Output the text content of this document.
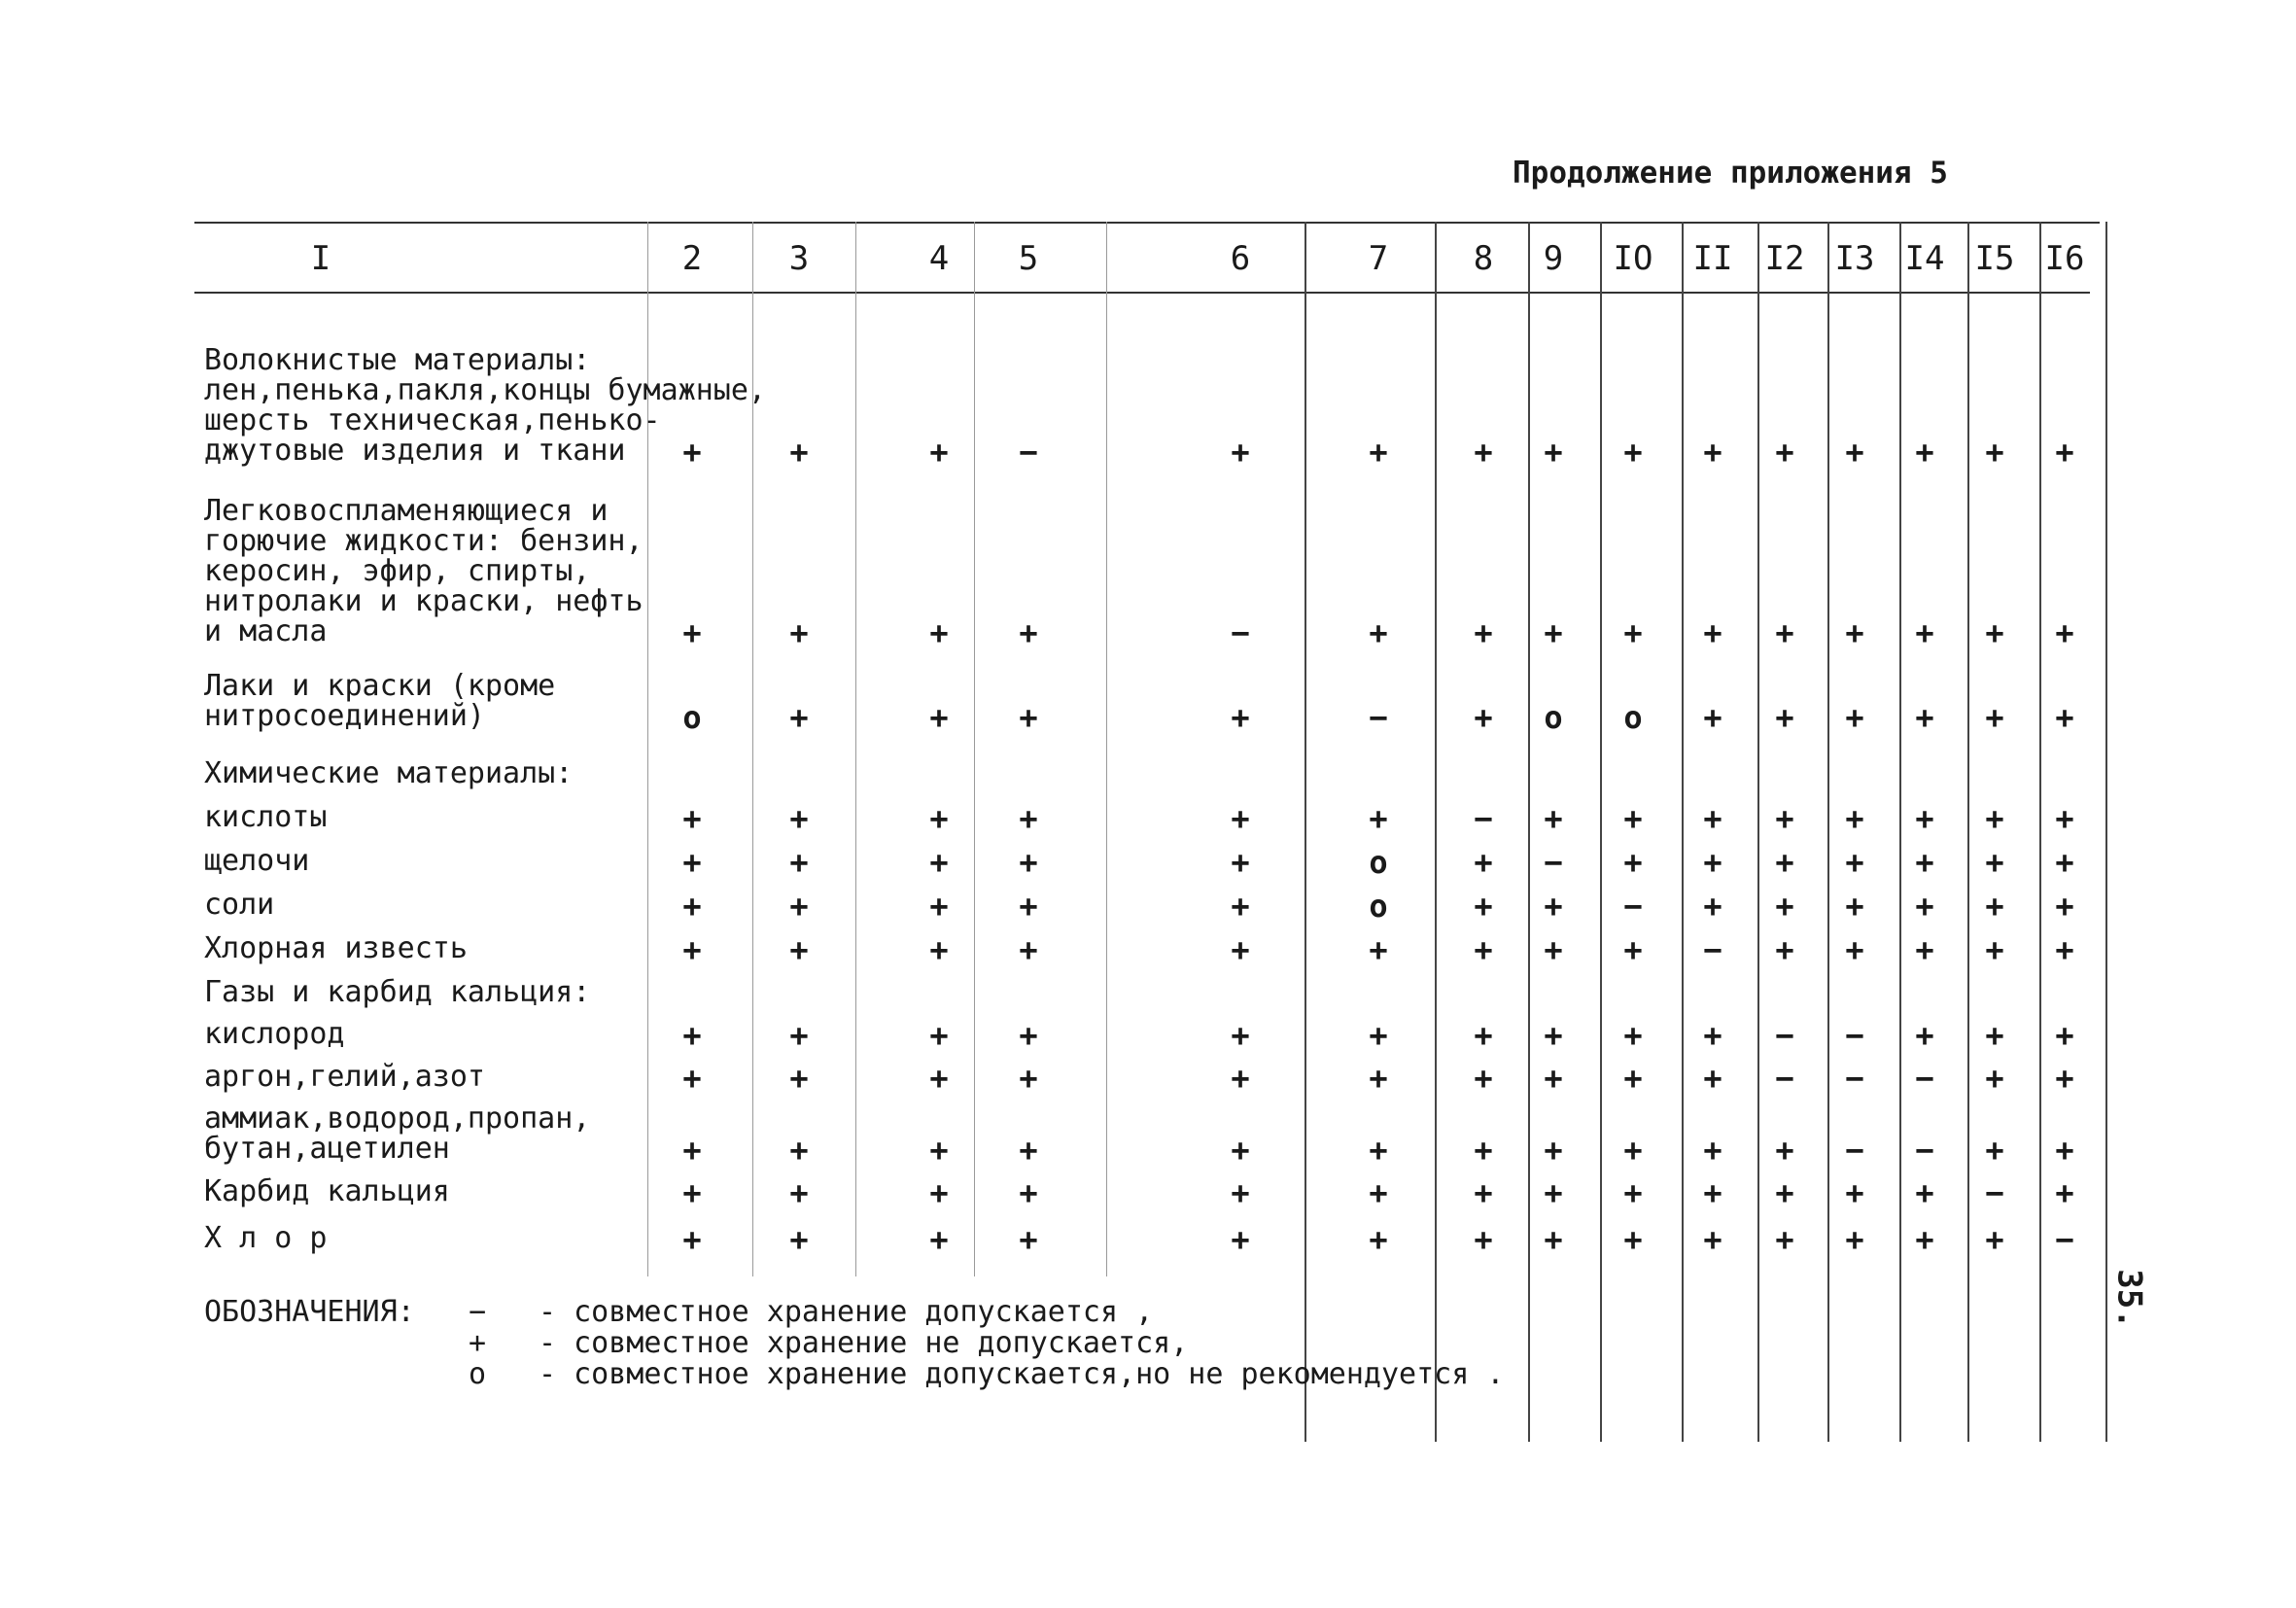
Продолжение приложения 5
I	2	3	4	5	6	7	8	9	IO II I2 I3 I4 I5 I6
Волокнистые материалы:
лен,пенька,пакля,концы бумажные,
шерсть техническая,пенько-
джутовые изделия и ткани	+	+	+	−	+	+	+	+	+	+	+	+	+	+	+
Легковоспламеняющиеся и
горючие жидкости: бензин,
керосин, эфир, спирты,
нитролаки и краски, нефть
и масла	+	+	+	+	−	+	+	+	+	+	+	+	+	+	+
Лаки и краски (кроме
нитросоединений)	о	+	+	+	+	−	+	о	о	+	+	+	+	+	+
Химические материалы:
кислоты	+	+	+	+	+	+	−	+	+	+	+	+	+	+	+
щелочи	+	+	+	+	+	о	+	−	+	+	+	+	+	+	+
соли	+	+	+	+	+	о	+	+	−	+	+	+	+	+	+
Хлорная известь	+	+	+	+	+	+	+	+	+	−	+	+	+	+	+
Газы и карбид кальция:
кислород	+	+	+	+	+	+	+	+	+	+	−	−	+	+	+
аргон,гелий,азот	+	+	+	+	+	+	+	+	+	+	−	−	−	+	+
аммиак,водород,пропан,
бутан,ацетилен	+	+	+	+	+	+	+	+	+	+	+	−	−	+	+
Карбид кальция	+	+	+	+	+	+	+	+	+	+	+	+	+	−	+
Х л о р	+	+	+	+	+	+	+	+	+	+	+	+	+	+	−
ОБОЗНАЧЕНИЯ: − - совместное хранение допускается ,
+ - совместное хранение не допускается,
о - совместное хранение допускается,но не рекомендуется .
35.
